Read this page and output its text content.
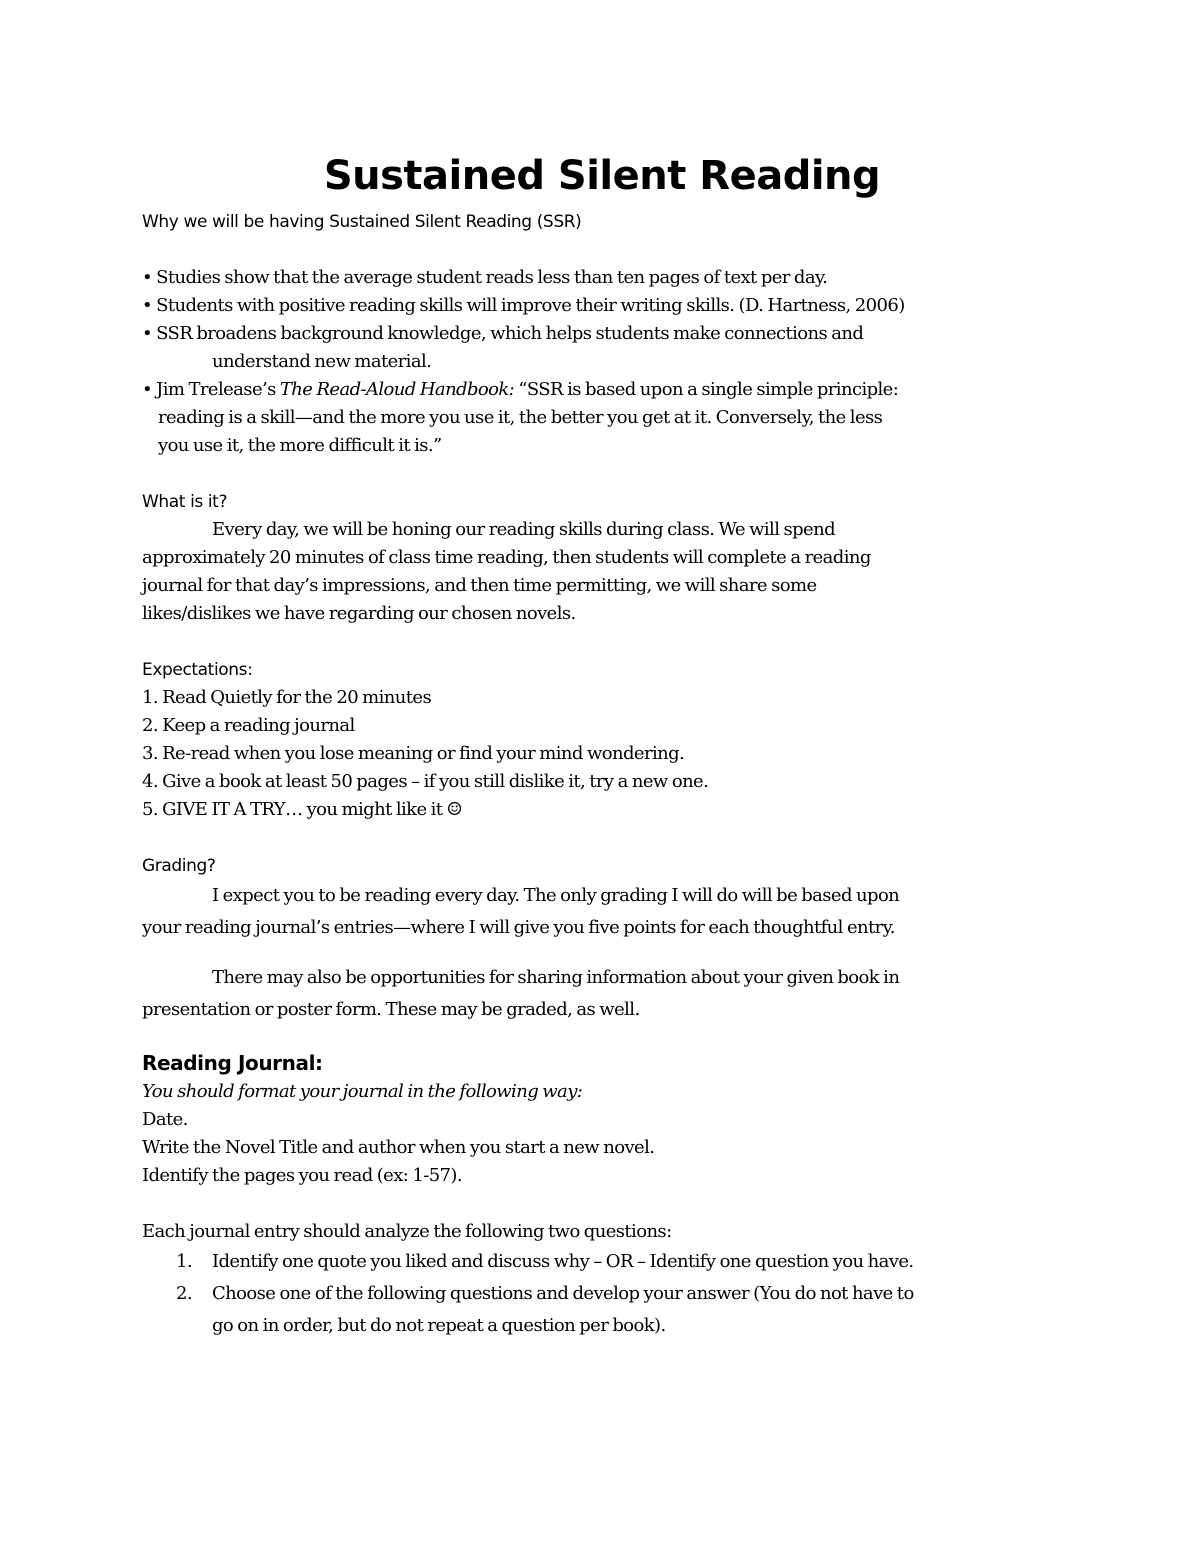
Sustained Silent Reading
Why we will be having Sustained Silent Reading (SSR)
• Studies show that the average student reads less than ten pages of text per day.
• Students with positive reading skills will improve their writing skills. (D. Hartness, 2006)
• SSR broadens background knowledge, which helps students make connections and
understand new material.
• Jim Trelease’s The Read-Aloud Handbook: “SSR is based upon a single simple principle:
reading is a skill—and the more you use it, the better you get at it. Conversely, the less
you use it, the more difficult it is.”
What is it?
Every day, we will be honing our reading skills during class. We will spend
approximately 20 minutes of class time reading, then students will complete a reading
journal for that day’s impressions, and then time permitting, we will share some
likes/dislikes we have regarding our chosen novels.
Expectations:
1. Read Quietly for the 20 minutes
2. Keep a reading journal
3. Re-read when you lose meaning or find your mind wondering.
4. Give a book at least 50 pages – if you still dislike it, try a new one.
5. GIVE IT A TRY… you might like it ☺
Grading?
I expect you to be reading every day. The only grading I will do will be based upon
your reading journal’s entries—where I will give you five points for each thoughtful entry.
There may also be opportunities for sharing information about your given book in
presentation or poster form. These may be graded, as well.
Reading Journal:
You should format your journal in the following way:
Date.
Write the Novel Title and author when you start a new novel.
Identify the pages you read (ex: 1-57).
Each journal entry should analyze the following two questions:
1. Identify one quote you liked and discuss why – OR – Identify one question you have.
2. Choose one of the following questions and develop your answer (You do not have to
go on in order, but do not repeat a question per book).
